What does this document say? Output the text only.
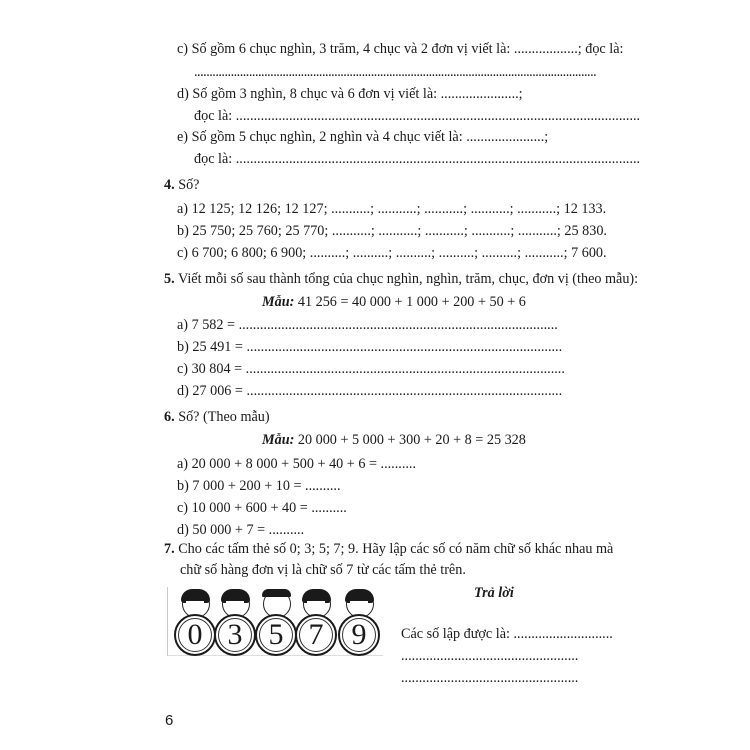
c) Số gồm 6 chục nghìn, 3 trăm, 4 chục và 2 đơn vị viết là: ..................; đọc là:
....................................................................................................................................
d) Số gồm 3 nghìn, 8 chục và 6 đơn vị viết là: ......................;
đọc là: ..................................................................................................................
e) Số gồm 5 chục nghìn, 2 nghìn và 4 chục viết là: ......................;
đọc là: ..................................................................................................................
4. Số?
a) 12 125; 12 126; 12 127; ...........; ...........; ...........; ...........; ...........; 12 133.
b) 25 750; 25 760; 25 770; ...........; ...........; ...........; ...........; ...........; 25 830.
c) 6 700; 6 800; 6 900; ..........; ..........; ..........; ..........; ..........; ...........; 7 600.
5. Viết mỗi số sau thành tổng của chục nghìn, nghìn, trăm, chục, đơn vị (theo mẫu):
Mẫu: 41 256 = 40 000 + 1 000 + 200 + 50 + 6
a) 7 582 = ..........................................................................................
b) 25 491 = .........................................................................................
c) 30 804 = ..........................................................................................
d) 27 006 = .........................................................................................
6. Số? (Theo mẫu)
Mẫu: 20 000 + 5 000 + 300 + 20 + 8 = 25 328
a) 20 000 + 8 000 + 500 + 40 + 6 = ..........
b) 7 000 + 200 + 10 = ..........
c) 10 000 + 600 + 40 = ..........
d) 50 000 + 7 = ..........
7. Cho các tấm thẻ số 0; 3; 5; 7; 9. Hãy lập các số có năm chữ số khác nhau mà
chữ số hàng đơn vị là chữ số 7 từ các tấm thẻ trên.
0 3 5 7 9
Trả lời
Các số lập được là: ............................
..................................................
..................................................
6
